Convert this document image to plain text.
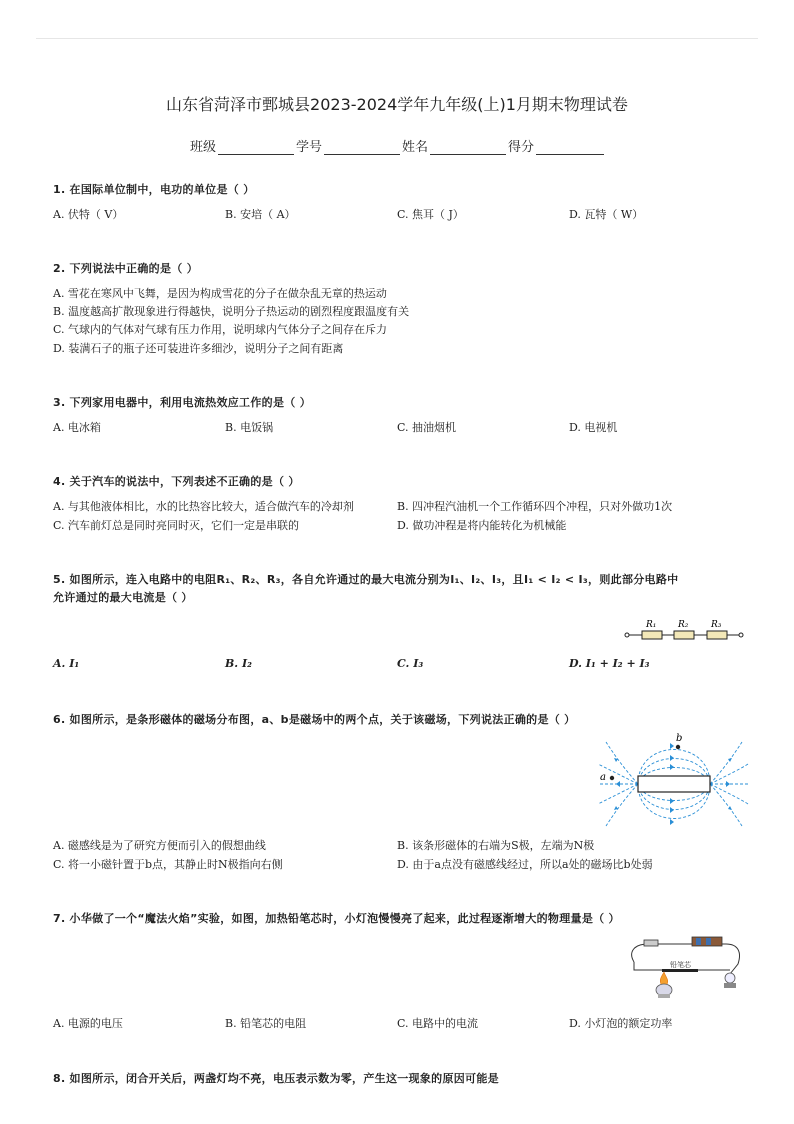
山东省菏泽市鄄城县2023-2024学年九年级(上)1月期末物理试卷
班级	学号	姓名	得分
1. 在国际单位制中，电功的单位是（ ）
A. 伏特（ V）	B. 安培（ A）	C. 焦耳（ J）	D. 瓦特（ W）
2. 下列说法中正确的是（ ）
A. 雪花在寒风中飞舞，是因为构成雪花的分子在做杂乱无章的热运动
B. 温度越高扩散现象进行得越快，说明分子热运动的剧烈程度跟温度有关
C. 气球内的气体对气球有压力作用，说明球内气体分子之间存在斥力
D. 装满石子的瓶子还可装进许多细沙，说明分子之间有距离
3. 下列家用电器中，利用电流热效应工作的是（ ）
A. 电冰箱	B. 电饭锅	C. 抽油烟机	D. 电视机
4. 关于汽车的说法中，下列表述不正确的是（ ）
A. 与其他液体相比，水的比热容比较大，适合做汽车的冷却剂	B. 四冲程汽油机一个工作循环四个冲程，只对外做功1次
C. 汽车前灯总是同时亮同时灭，它们一定是串联的	D. 做功冲程是将内能转化为机械能
5. 如图所示，连入电路中的电阻R₁、R₂、R₃，各自允许通过的最大电流分别为I₁、I₂、I₃，且I₁ < I₂ < I₃，则此部分电路中
允许通过的最大电流是（ ）
R₁ R₂	R₃
A. I₁	B. I₂	C. I₃	D. I₁ + I₂ + I₃
6. 如图所示，是条形磁体的磁场分布图，a、b是磁场中的两个点，关于该磁场，下列说法正确的是（ ）
a
b
A. 磁感线是为了研究方便而引入的假想曲线	B. 该条形磁体的右端为S极，左端为N极
C. 将一小磁针置于b点，其静止时N极指向右侧	D. 由于a点没有磁感线经过，所以a处的磁场比b处弱
7. 小华做了一个“魔法火焰”实验，如图，加热铅笔芯时，小灯泡慢慢亮了起来，此过程逐渐增大的物理量是（ ）
铅笔芯
A. 电源的电压	B. 铅笔芯的电阻	C. 电路中的电流	D. 小灯泡的额定功率
8. 如图所示，闭合开关后，两盏灯均不亮，电压表示数为零，产生这一现象的原因可能是
